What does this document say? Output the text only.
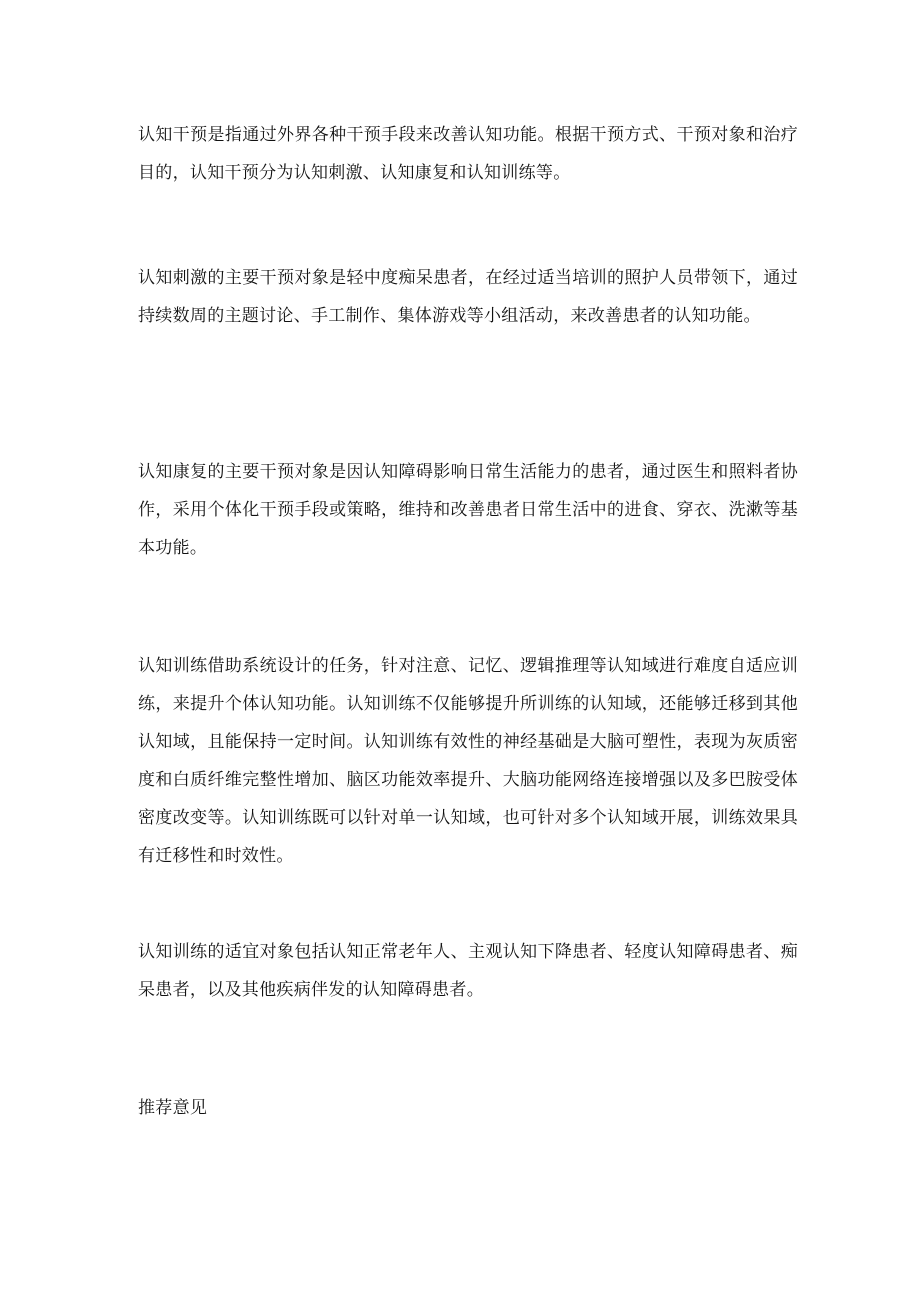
认知干预是指通过外界各种干预手段来改善认知功能。根据干预方式、干预对象和治疗目的，认知干预分为认知刺激、认知康复和认知训练等。

认知刺激的主要干预对象是轻中度痴呆患者，在经过适当培训的照护人员带领下，通过持续数周的主题讨论、手工制作、集体游戏等小组活动，来改善患者的认知功能。

认知康复的主要干预对象是因认知障碍影响日常生活能力的患者，通过医生和照料者协作，采用个体化干预手段或策略，维持和改善患者日常生活中的进食、穿衣、洗漱等基本功能。

认知训练借助系统设计的任务，针对注意、记忆、逻辑推理等认知域进行难度自适应训练，来提升个体认知功能。认知训练不仅能够提升所训练的认知域，还能够迁移到其他认知域，且能保持一定时间。认知训练有效性的神经基础是大脑可塑性，表现为灰质密度和白质纤维完整性增加、脑区功能效率提升、大脑功能网络连接增强以及多巴胺受体密度改变等。认知训练既可以针对单一认知域，也可针对多个认知域开展，训练效果具有迁移性和时效性。

认知训练的适宜对象包括认知正常老年人、主观认知下降患者、轻度认知障碍患者、痴呆患者，以及其他疾病伴发的认知障碍患者。

推荐意见
